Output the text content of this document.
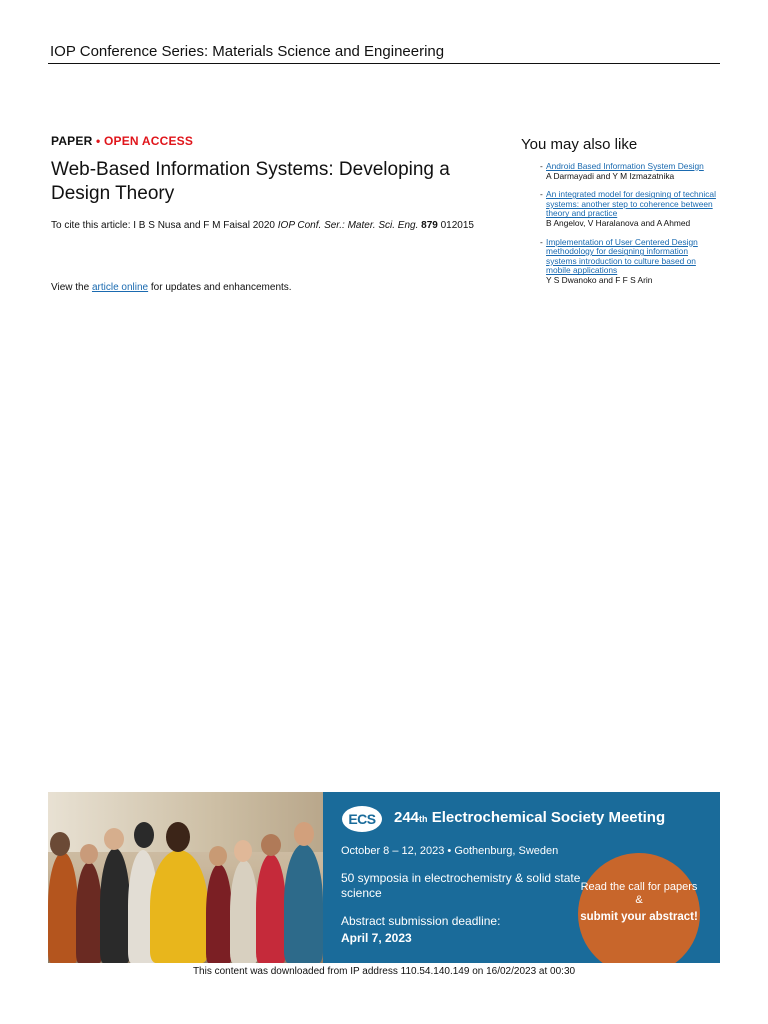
IOP Conference Series: Materials Science and Engineering
PAPER • OPEN ACCESS
Web-Based Information Systems: Developing a Design Theory
To cite this article: I B S Nusa and F M Faisal 2020 IOP Conf. Ser.: Mater. Sci. Eng. 879 012015
View the article online for updates and enhancements.
You may also like
- Android Based Information System Design
A Darmayadi and Y M Izmazatnika
- An integrated model for designing of technical systems: another step to coherence between theory and practice
B Angelov, V Haralanova and A Ahmed
- Implementation of User Centered Design methodology for designing information systems introduction to culture based on mobile applications
Y S Dwanoko and F F S Arin
ECS	244th Electrochemical Society Meeting
October 8 – 12, 2023 • Gothenburg, Sweden
50 symposia in electrochemistry & solid state science
Abstract submission deadline:
April 7, 2023
Read the call for papers &
submit your abstract!
This content was downloaded from IP address 110.54.140.149 on 16/02/2023 at 00:30
